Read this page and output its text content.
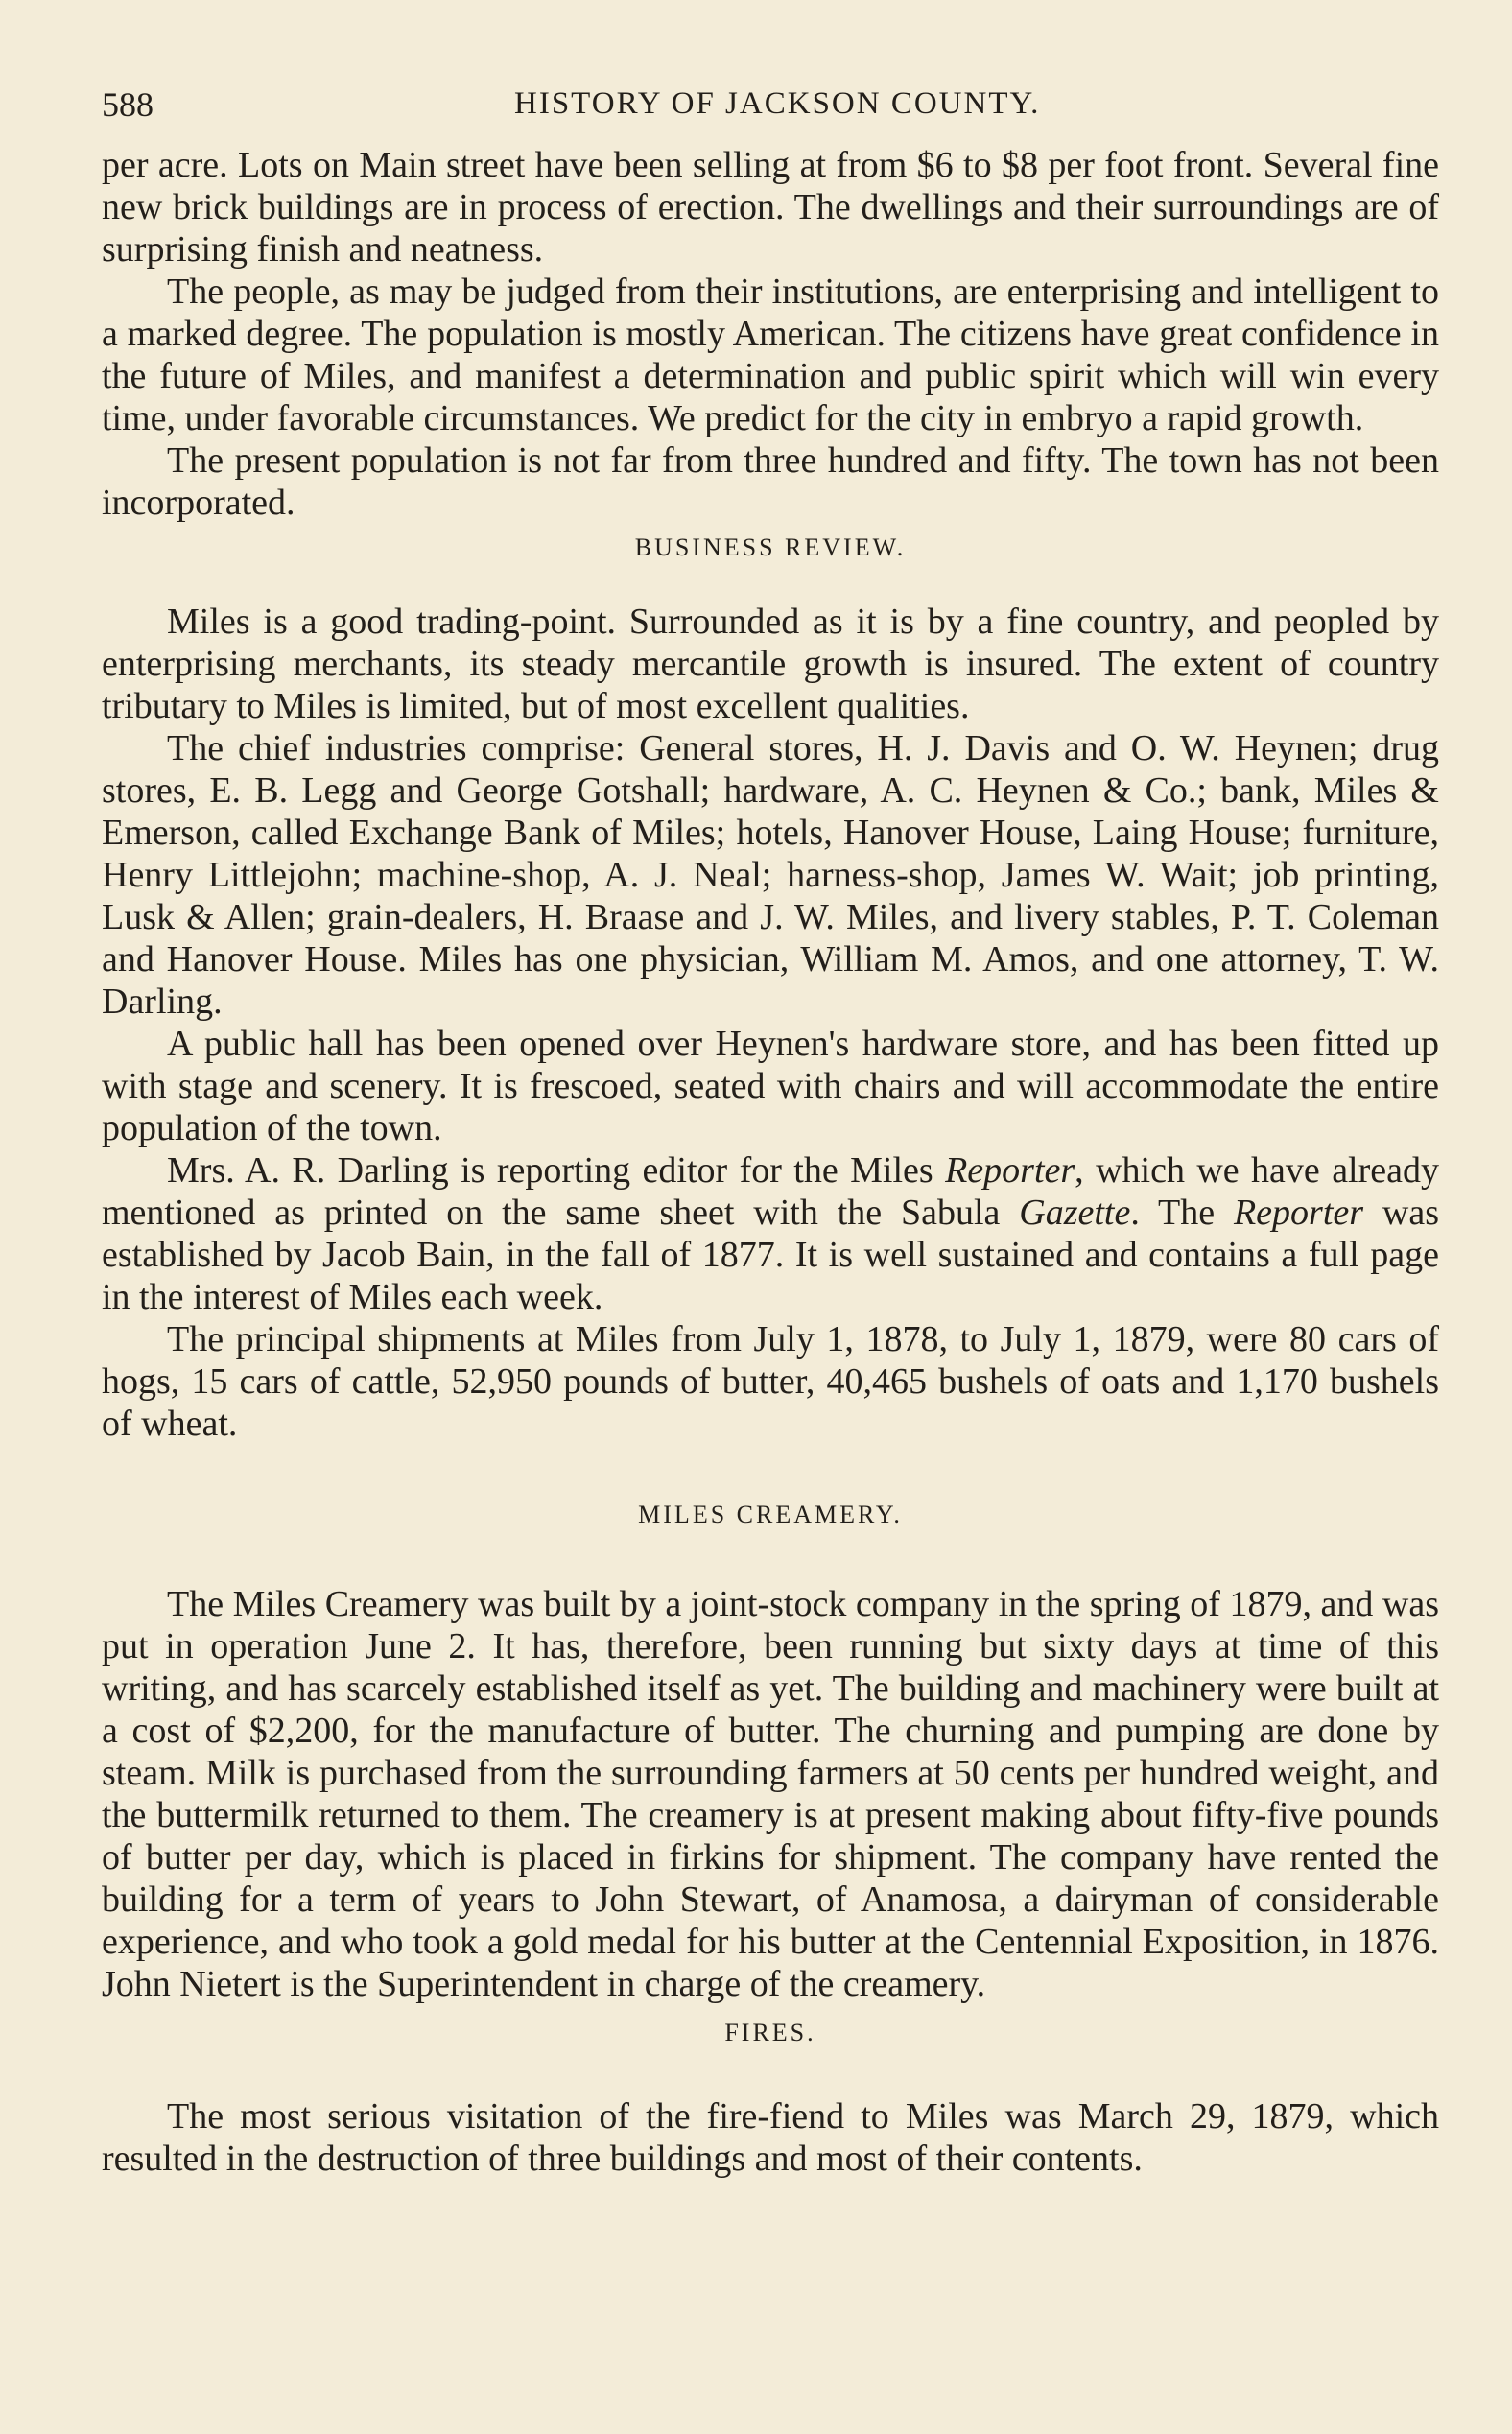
588	HISTORY OF JACKSON COUNTY.

per acre. Lots on Main street have been selling at from $6 to $8 per foot front. Several fine new brick buildings are in process of erection. The dwellings and their surroundings are of surprising finish and neatness.

The people, as may be judged from their institutions, are enterprising and intelligent to a marked degree. The population is mostly American. The citizens have great confidence in the future of Miles, and manifest a determination and public spirit which will win every time, under favorable circumstances. We predict for the city in embryo a rapid growth.

The present population is not far from three hundred and fifty. The town has not been incorporated.

BUSINESS REVIEW.

Miles is a good trading-point. Surrounded as it is by a fine country, and peopled by enterprising merchants, its steady mercantile growth is insured. The extent of country tributary to Miles is limited, but of most excellent qualities.

The chief industries comprise: General stores, H. J. Davis and O. W. Heynen; drug stores, E. B. Legg and George Gotshall; hardware, A. C. Heynen & Co.; bank, Miles & Emerson, called Exchange Bank of Miles; hotels, Hanover House, Laing House; furniture, Henry Littlejohn; machine-shop, A. J. Neal; harness-shop, James W. Wait; job printing, Lusk & Allen; grain-dealers, H. Braase and J. W. Miles, and livery stables, P. T. Coleman and Hanover House. Miles has one physician, William M. Amos, and one attorney, T. W. Darling.

A public hall has been opened over Heynen's hardware store, and has been fitted up with stage and scenery. It is frescoed, seated with chairs and will accommodate the entire population of the town.

Mrs. A. R. Darling is reporting editor for the Miles Reporter, which we have already mentioned as printed on the same sheet with the Sabula Gazette. The Reporter was established by Jacob Bain, in the fall of 1877. It is well sustained and contains a full page in the interest of Miles each week.

The principal shipments at Miles from July 1, 1878, to July 1, 1879, were 80 cars of hogs, 15 cars of cattle, 52,950 pounds of butter, 40,465 bushels of oats and 1,170 bushels of wheat.

MILES CREAMERY.

The Miles Creamery was built by a joint-stock company in the spring of 1879, and was put in operation June 2. It has, therefore, been running but sixty days at time of this writing, and has scarcely established itself as yet. The building and machinery were built at a cost of $2,200, for the manufacture of butter. The churning and pumping are done by steam. Milk is purchased from the surrounding farmers at 50 cents per hundred weight, and the buttermilk returned to them. The creamery is at present making about fifty-five pounds of butter per day, which is placed in firkins for shipment. The company have rented the building for a term of years to John Stewart, of Anamosa, a dairyman of considerable experience, and who took a gold medal for his butter at the Centennial Exposition, in 1876. John Nietert is the Superintendent in charge of the creamery.

FIRES.

The most serious visitation of the fire-fiend to Miles was March 29, 1879, which resulted in the destruction of three buildings and most of their contents.
